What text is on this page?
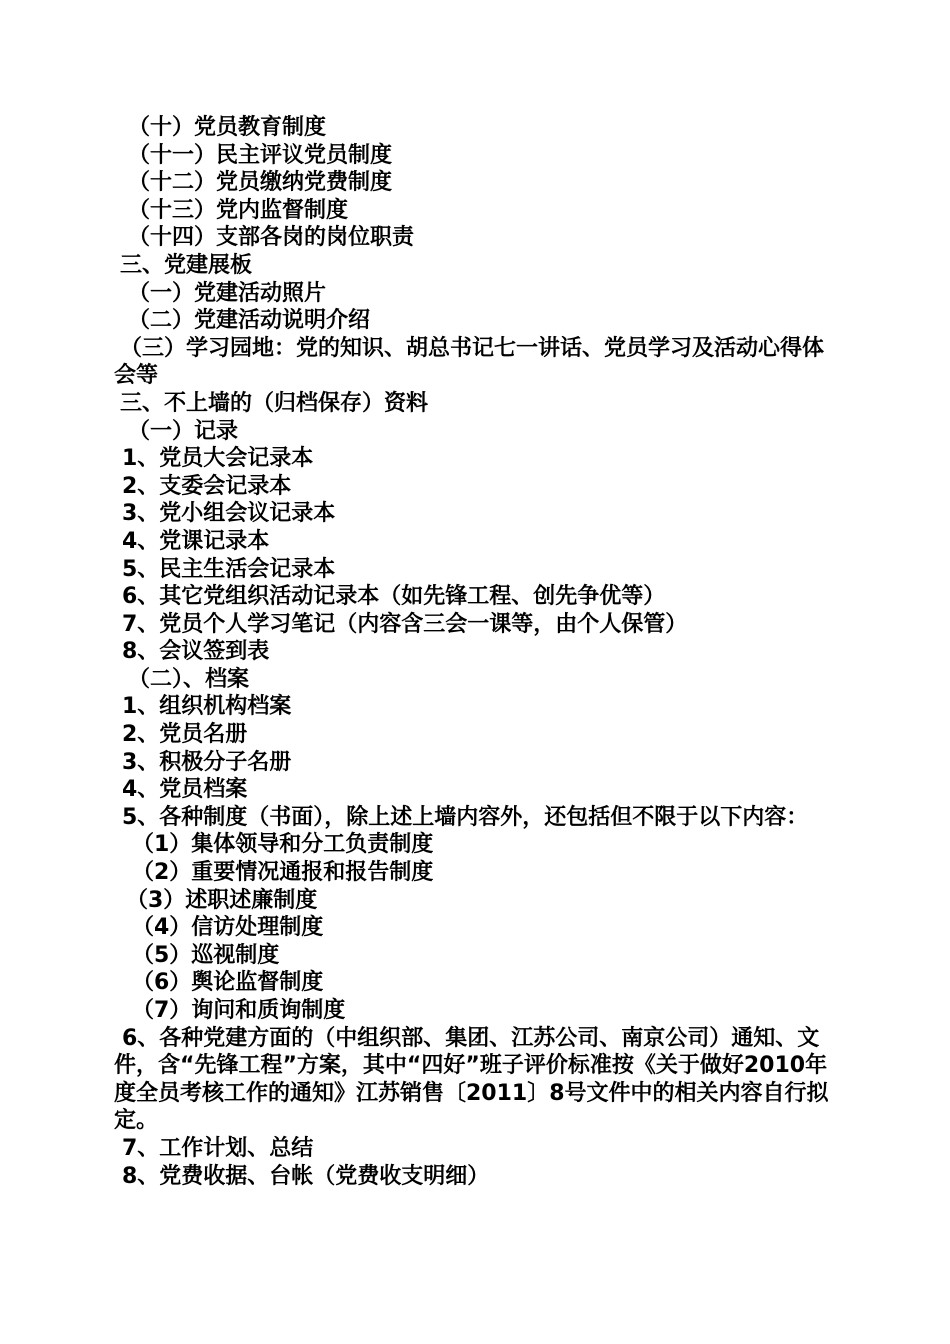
（十）党员教育制度

（十一）民主评议党员制度

（十二）党员缴纳党费制度

（十三）党内监督制度

（十四）支部各岗的岗位职责

三、党建展板

（一）党建活动照片

（二）党建活动说明介绍

（三）学习园地：党的知识、胡总书记七一讲话、党员学习及活动心得体会等

三、不上墙的（归档保存）资料

（一）记录

1、党员大会记录本

2、支委会记录本

3、党小组会议记录本

4、党课记录本

5、民主生活会记录本

6、其它党组织活动记录本（如先锋工程、创先争优等）

7、党员个人学习笔记（内容含三会一课等，由个人保管）

8、会议签到表

（二）、档案

1、组织机构档案

2、党员名册

3、积极分子名册

4、党员档案

5、各种制度（书面），除上述上墙内容外，还包括但不限于以下内容：

（1）集体领导和分工负责制度

（2）重要情况通报和报告制度

（3）述职述廉制度

（4）信访处理制度

（5）巡视制度

（6）舆论监督制度

（7）询问和质询制度

6、各种党建方面的（中组织部、集团、江苏公司、南京公司）通知、文件，含“先锋工程”方案，其中“四好”班子评价标准按《关于做好2010年度全员考核工作的通知》江苏销售〔2011〕8号文件中的相关内容自行拟定。

7、工作计划、总结

8、党费收据、台帐（党费收支明细）
